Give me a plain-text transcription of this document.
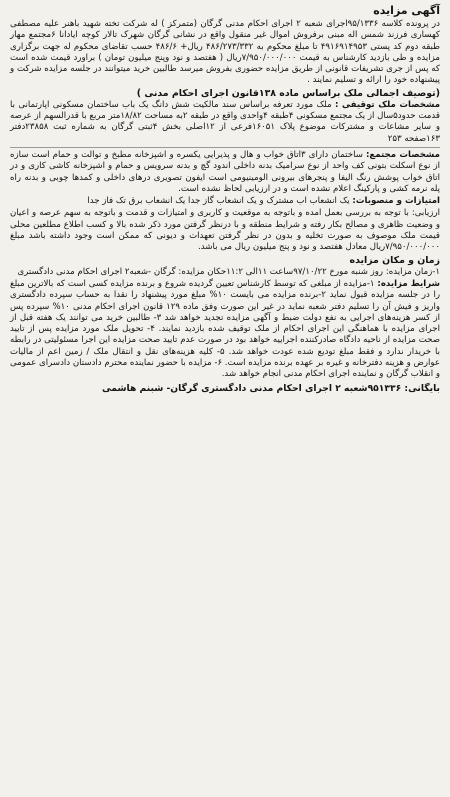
آگهی مزایده

در پرونده کلاسه ۹۵/۱۳۳۶اجرای شعبه ۲ اجرای احکام مدنی گرگان (متمرکز ) له شرکت تخته شهید باهنر علیه مصطفی کهساری فرزند شمس اله مبنی برفروش اموال غیر منقول واقع در نشانی گرگان شهرک تالار کوچه ایادانا ۶مجتمع مهار طبقه دوم کد پستی ۴۹۱۶۹۱۴۹۵۳ تا مبلغ محکوم به ۴۸۶/۲۷۳/۳۳۲ ریال+ ۴۸۶/۶ حسب تقاضای محکوم له جهت برگزاری مزایده و طی بازدید کارشناس به قیمت ۷/۹۵۰/۰۰۰/۰۰۰ریال ( هفتصد و نود وپنج میلیون تومان ) براورد قیمت شده است که پس از جری تشریفات قانونی از طریق مزایده حضوری بفروش میرسد طالبین خرید میتوانند در جلسه مزایده شرکت و پیشنهاده خود را ارائه و تسلیم نمایند .

(توصیف اجمالی ملک براساس ماده ۱۳۸قانون اجرای احکام مدنی )

مشخصات ملک توقیفی : ملک مورد تعرفه براساس سند مالکیت شش دانگ یک باب ساختمان مسکونی اپارتمانی با قدمت حدود۵سال از یک مجتمع مسکونی ۴طبقه ۴واحدی واقع در طبقه ۲به مساحت ۱۸/۸۲متر مربع با قدرالسهم از عرصه و سایر مشاعات و مشترکات موضوع پلاک ۱۶۰۵۱فرعی از ۱۲اصلی بخش ۴ثبتی گرگان به شماره ثبت ۲۳۸۵۸دفتر ۱۶۳صفحه ۲۵۳

مشخصات مجتمع: ساختمان دارای ۳اتاق خواب و هال و پذیرایی یکسره و اشپزخانه مطبخ و توالت و حمام است سازه از نوع اسکلت بتونی کف واحد از نوع سرامیک بدنه داخلی اندود گچ و بدنه سرویس و حمام و اشپزخانه کاشی کاری و در اتاق خواب پوشش رنگ الیفا و پنجرهای بیرونی الومینیومی است ایفون تصویری درهای داخلی و کمدها چوبی و بدنه راه پله نرمه کشی و پارکینگ اعلام نشده است و در ارزیابی لحاظ نشده است.

امتیازات و منصوبات: یک انشعاب اب مشترک و یک انشعاب گاز جدا یک انشعاب برق تک فاز جدا

ارزیابی: با توجه به بررسی بعمل امده و باتوجه به موقعیت و کاربری و امتیازات و قدمت و باتوجه به سهم عرصه و اعیان و وضعیت ظاهری و مصالح بکار رفته و شرایط منطقه و با درنظر گرفتن مورد ذکر شده بالا و کسب اطلاع مطلعین محلی قیمت ملک موصوف به صورت تخلیه و بدون در نظر گرفتن تعهدات و دیونی که ممکن است وجود داشته باشد مبلغ ۷/۹۵۰/۰۰۰/۰۰۰ریال معادل هفتصد و نود و پنج میلیون ریال می باشد.

زمان و مکان مزایده

۱-زمان مزایده: روز شنبه مورخ ۹۷/۱۰/۲۲ساعت ۱۱الی ۱۱:۲حکان مزایده: گرگان -شعبه۲ اجرای احکام مدنی دادگستری

شرایط مزایده: ۱-مزایده از مبلغی که توسط کارشناس تعیین گردیده شروع و برنده مزایده کسی است که بالاترین مبلغ را در جلسه مزایده قبول نماید ۲-برنده مزایده می بایست ۱۰% مبلغ مورد پیشنهاد را نقدا به حساب سپرده دادگستری واریز و فیش آن را تسلیم دفتر شعبه نماید در غیر این صورت وفق ماده ۱۲۹ قانون اجرای احکام مدنی ۱۰% سپرده پس از کسر هزینه‌های اجرایی به نفع دولت ضبط و آگهی مزایده تجدید خواهد شد ۳- طالبین خرید می توانند یک هفته قبل از اجرای مزایده با هماهنگی این اجرای احکام از ملک توقیف شده بازدید نمایند. ۴- تحویل ملک مورد مزایده پس از تایید صحت مزایده از ناحیه دادگاه صادرکننده اجراییه خواهد بود در صورت عدم تایید صحت مزایده این اجرا مسئولیتی در رابطه با خریدار ندارد و فقط مبلغ تودیع شده عودت خواهد شد. ۵- کلیه هزینه‌های نقل و انتقال ملک / زمین اعم از مالیات عوارض و هزینه دفترخانه و غیره بر عهده برنده مزایده است. ۶- مزایده با حضور نماینده محترم دادستان دادسرای عمومی و انقلاب گرگان و نماینده اجرای احکام مدنی انجام خواهد شد.

بایگانی: ۹۵۱۳۳۶شعبه ۲ اجرای احکام مدنی دادگستری گرگان- شبنم هاشمی
